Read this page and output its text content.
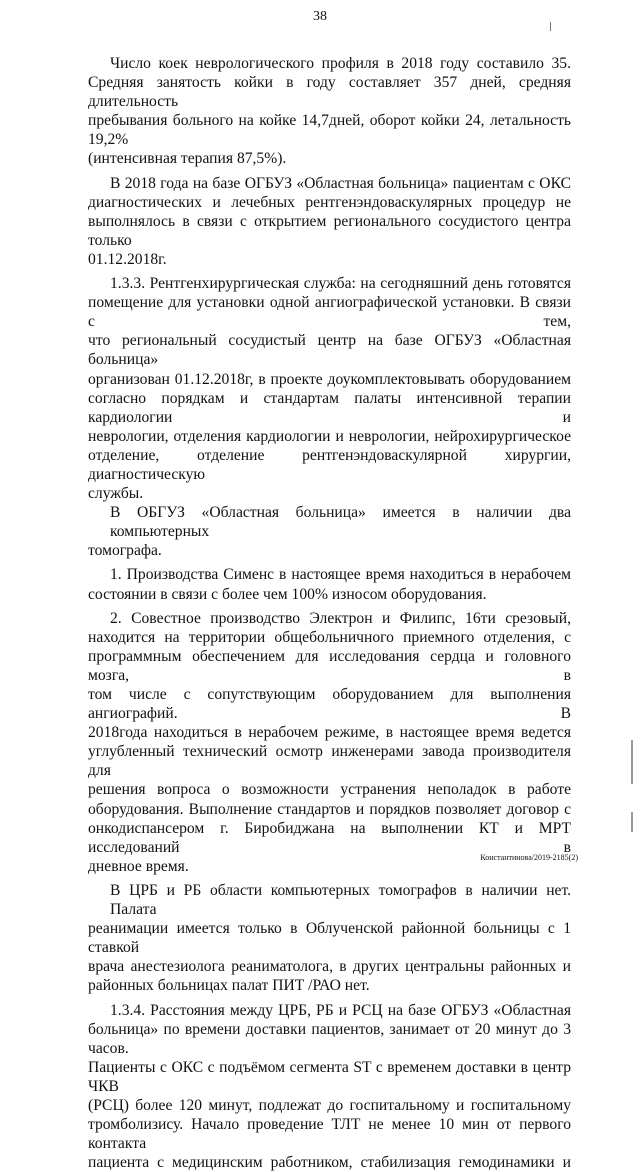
38
Число коек неврологического профиля в 2018 году составило 35.
Средняя занятость койки в году составляет 357 дней, средняя длительность
пребывания больного на койке 14,7дней, оборот койки 24, летальность 19,2%
(интенсивная терапия 87,5%).
В 2018 года на базе ОГБУЗ «Областная больница» пациентам с ОКС
диагностических и лечебных рентгенэндоваскулярных процедур не
выполнялось в связи с открытием регионального сосудистого центра только
01.12.2018г.
1.3.3. Рентгенхирургическая служба: на сегодняшний день готовятся
помещение для установки одной ангиографической установки. В связи с тем,
что региональный сосудистый центр на базе ОГБУЗ «Областная больница»
организован 01.12.2018г, в проекте доукомплектовывать оборудованием
согласно порядкам и стандартам палаты интенсивной терапии кардиологии и
неврологии, отделения кардиологии и неврологии, нейрохирургическое
отделение, отделение рентгенэндоваскулярной хирургии, диагностическую
службы.
В ОБГУЗ «Областная больница» имеется в наличии два компьютерных
томографа.
1. Производства Сименс в настоящее время находиться в нерабочем
состоянии в связи с более чем 100% износом оборудования.
2. Совестное производство Электрон и Филипс, 16ти срезовый,
находится на территории общебольничного приемного отделения, с
программным обеспечением для исследования сердца и головного мозга, в
том числе с сопутствующим оборудованием для выполнения ангиографий. В
2018года находиться в нерабочем режиме, в настоящее время ведется
углубленный технический осмотр инженерами завода производителя для
решения вопроса о возможности устранения неполадок в работе
оборудования. Выполнение стандартов и порядков позволяет договор с
онкодиспансером г. Биробиджана на выполнении КТ и МРТ исследований в
дневное время.
В ЦРБ и РБ области компьютерных томографов в наличии нет. Палата
реанимации имеется только в Облученской районной больницы с 1 ставкой
врача анестезиолога реаниматолога, в других центральны районных и
районных больницах палат ПИТ /РАО нет.
1.3.4. Расстояния между ЦРБ, РБ и РСЦ на базе ОГБУЗ «Областная
больница» по времени доставки пациентов, занимает от 20 минут до 3 часов.
Пациенты с ОКС с подъёмом сегмента ST с временем доставки в центр ЧКВ
(РСЦ) более 120 минут, подлежат до госпитальному и госпитальному
тромболизису. Начало проведение ТЛТ не менее 10 мин от первого контакта
пациента с медицинским работником, стабилизация гемодинамики и
Константинова/2019-2185(2)
